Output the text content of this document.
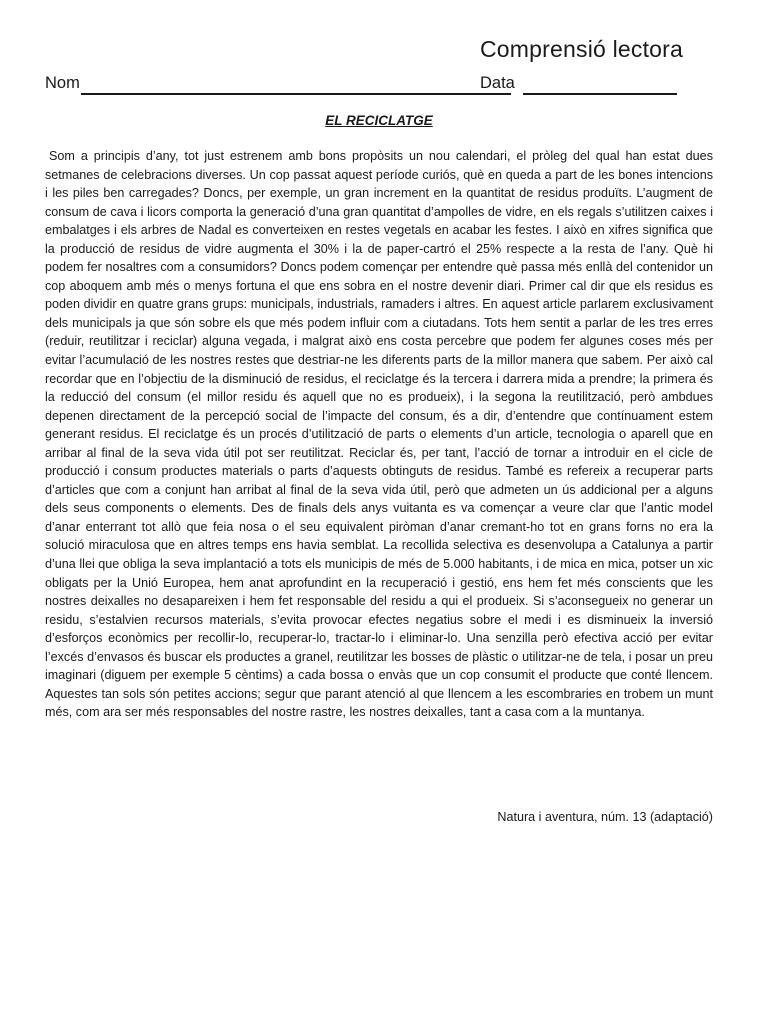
Comprensió lectora
Nom	Data
EL RECICLATGE

Som a principis d’any, tot just estrenem amb bons propòsits un nou calendari, el pròleg del qual han estat dues setmanes de celebracions diverses. Un cop passat aquest període curiós, què en queda a part de les bones intencions i les piles ben carregades? Doncs, per exemple, un gran increment en la quantitat de residus produïts. L’augment de consum de cava i licors comporta la generació d’una gran quantitat d’ampolles de vidre, en els regals s’utilitzen caixes i embalatges i els arbres de Nadal es converteixen en restes vegetals en acabar les festes. I això en xifres significa que la producció de residus de vidre augmenta el 30% i la de paper-cartró el 25% respecte a la resta de l’any. Què hi podem fer nosaltres com a consumidors? Doncs podem començar per entendre què passa més enllà del contenidor un cop aboquem amb més o menys fortuna el que ens sobra en el nostre devenir diari. Primer cal dir que els residus es poden dividir en quatre grans grups: municipals, industrials, ramaders i altres. En aquest article parlarem exclusivament dels municipals ja que són sobre els que més podem influir com a ciutadans. Tots hem sentit a parlar de les tres erres (reduir, reutilitzar i reciclar) alguna vegada, i malgrat això ens costa percebre que podem fer algunes coses més per evitar l’acumulació de les nostres restes que destriar-ne les diferents parts de la millor manera que sabem. Per això cal recordar que en l’objectiu de la disminució de residus, el reciclatge és la tercera i darrera mida a prendre; la primera és la reducció del consum (el millor residu és aquell que no es produeix), i la segona la reutilització, però ambdues depenen directament de la percepció social de l’impacte del consum, és a dir, d’entendre que contínuament estem generant residus. El reciclatge és un procés d’utilització de parts o elements d’un article, tecnologia o aparell que en arribar al final de la seva vida útil pot ser reutilitzat. Reciclar és, per tant, l’acció de tornar a introduir en el cicle de producció i consum productes materials o parts d’aquests obtinguts de residus. També es refereix a recuperar parts d’articles que com a conjunt han arribat al final de la seva vida útil, però que admeten un ús addicional per a alguns dels seus components o elements. Des de finals dels anys vuitanta es va començar a veure clar que l’antic model d’anar enterrant tot allò que feia nosa o el seu equivalent piròman d’anar cremant-ho tot en grans forns no era la solució miraculosa que en altres temps ens havia semblat. La recollida selectiva es desenvolupa a Catalunya a partir d’una llei que obliga la seva implantació a tots els municipis de més de 5.000 habitants, i de mica en mica, potser un xic obligats per la Unió Europea, hem anat aprofundint en la recuperació i gestió, ens hem fet més conscients que les nostres deixalles no desapareixen i hem fet responsable del residu a qui el produeix. Si s’aconsegueix no generar un residu, s’estalvien recursos materials, s’evita provocar efectes negatius sobre el medi i es disminueix la inversió d’esforços econòmics per recollir-lo, recuperar-lo, tractar-lo i eliminar-lo. Una senzilla però efectiva acció per evitar l’excés d’envasos és buscar els productes a granel, reutilitzar les bosses de plàstic o utilitzar-ne de tela, i posar un preu imaginari (diguem per exemple 5 cèntims) a cada bossa o envàs que un cop consumit el producte que conté llencem. Aquestes tan sols són petites accions; segur que parant atenció al que llencem a les escombraries en trobem un munt més, com ara ser més responsables del nostre rastre, les nostres deixalles, tant a casa com a la muntanya.

Natura i aventura, núm. 13 (adaptació)
